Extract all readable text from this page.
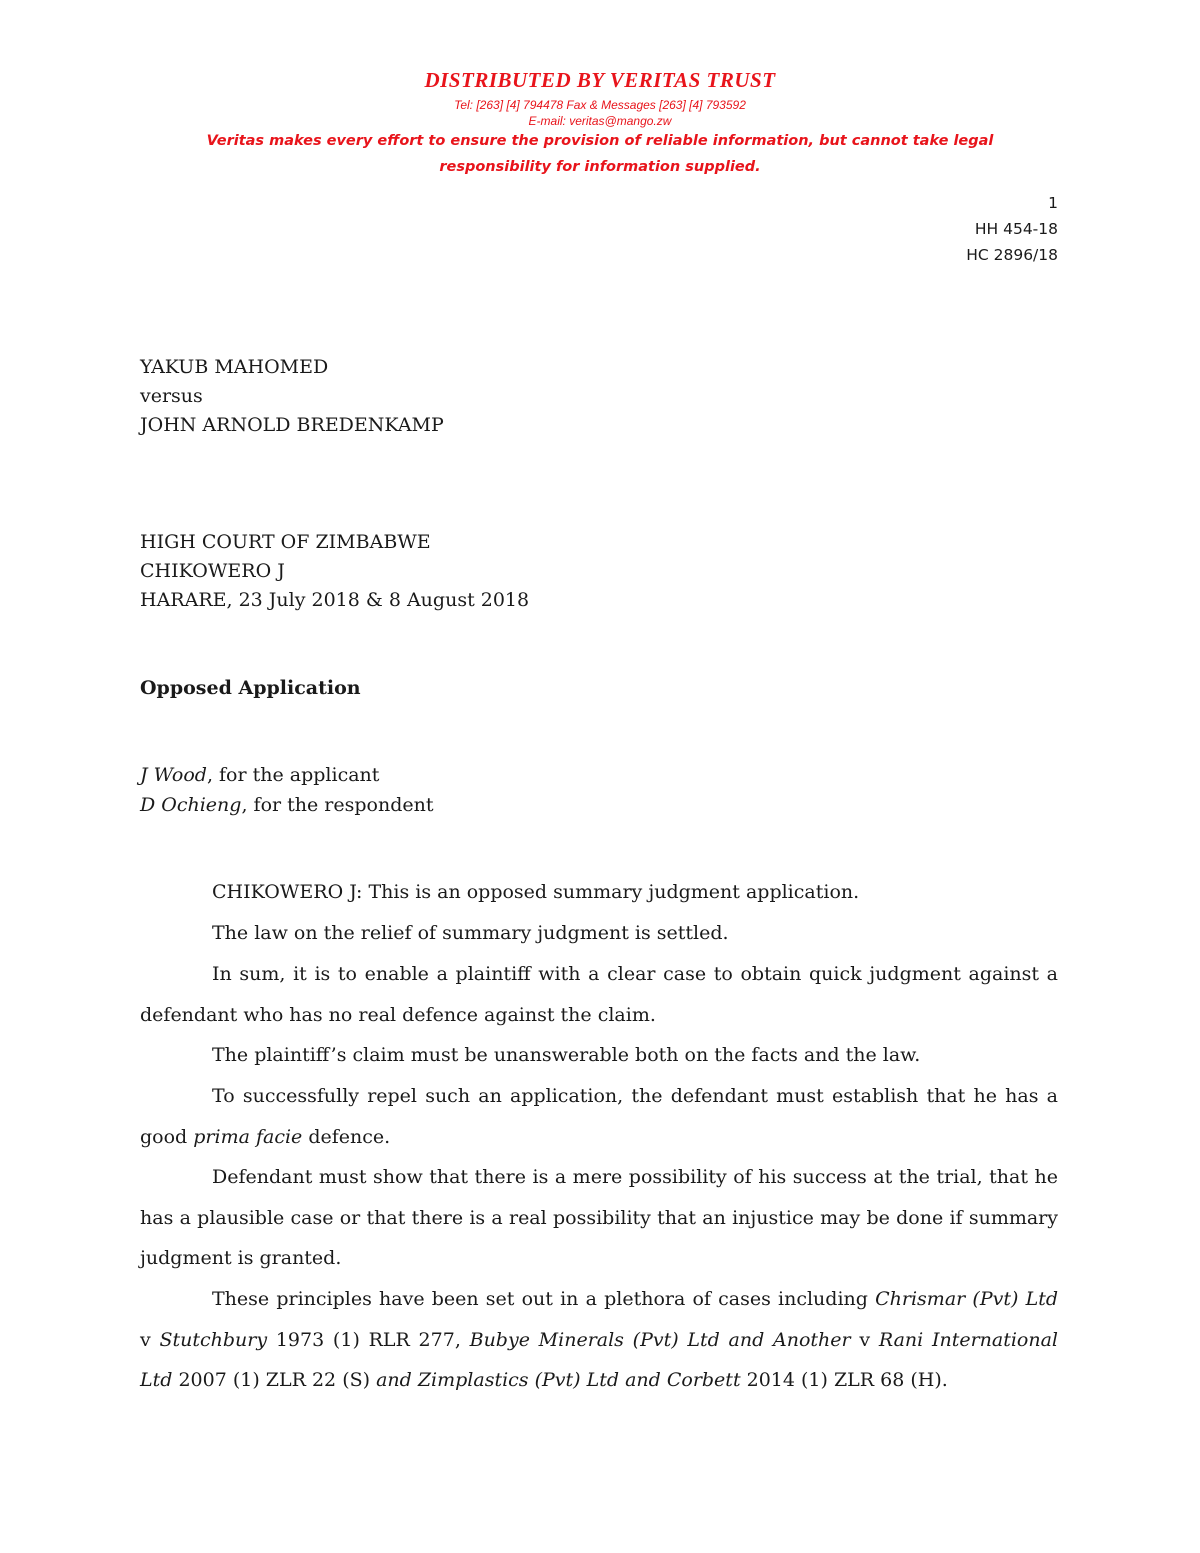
DISTRIBUTED BY VERITAS TRUST
Tel: [263] [4] 794478 Fax & Messages [263] [4] 793592
E-mail: veritas@mango.zw
Veritas makes every effort to ensure the provision of reliable information, but cannot take legal responsibility for information supplied.
1
HH 454-18
HC 2896/18
YAKUB MAHOMED
versus
JOHN ARNOLD BREDENKAMP
HIGH COURT OF ZIMBABWE
CHIKOWERO J
HARARE, 23 July 2018 & 8 August 2018
Opposed Application
J Wood, for the applicant
D Ochieng, for the respondent
CHIKOWERO J: This is an opposed summary judgment application.
The law on the relief of summary judgment is settled.
In sum, it is to enable a plaintiff with a clear case to obtain quick judgment against a defendant who has no real defence against the claim.
The plaintiff’s claim must be unanswerable both on the facts and the law.
To successfully repel such an application, the defendant must establish that he has a good prima facie defence.
Defendant must show that there is a mere possibility of his success at the trial, that he has a plausible case or that there is a real possibility that an injustice may be done if summary judgment is granted.
These principles have been set out in a plethora of cases including Chrismar (Pvt) Ltd v Stutchbury 1973 (1) RLR 277, Bubye Minerals (Pvt) Ltd and Another v Rani International Ltd 2007 (1) ZLR 22 (S) and Zimplastics (Pvt) Ltd and Corbett 2014 (1) ZLR 68 (H).
